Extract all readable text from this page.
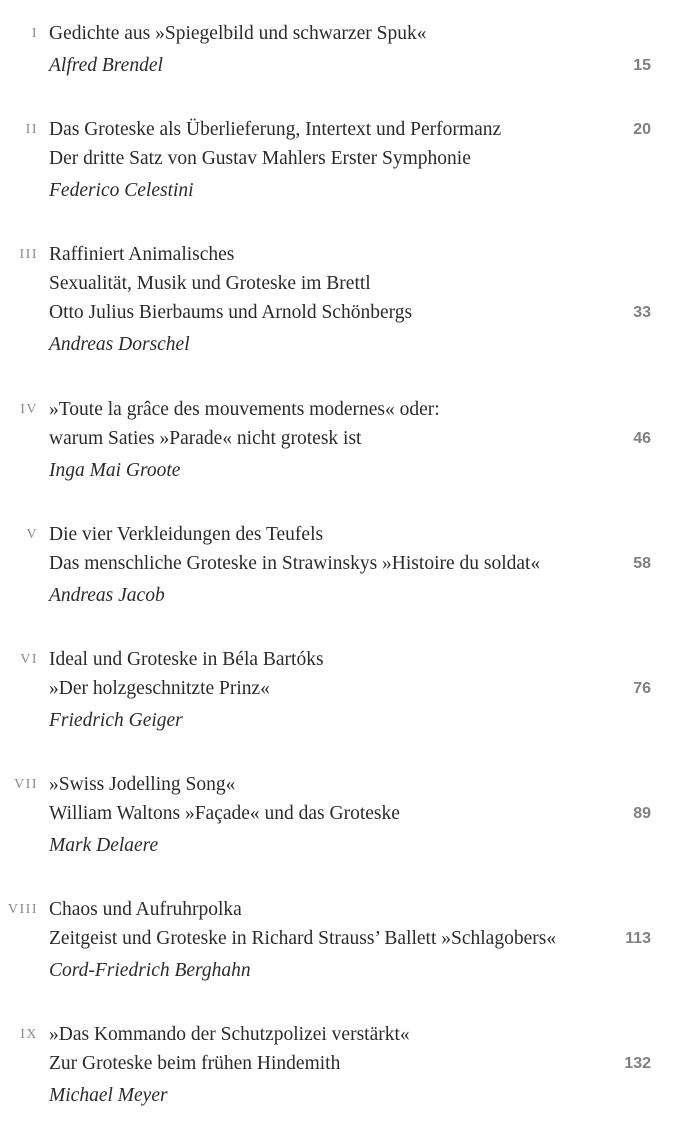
I Gedichte aus »Spiegelbild und schwarzer Spuk«
Alfred Brendel	15
II Das Groteske als Überlieferung, Intertext und Performanz	20
Der dritte Satz von Gustav Mahlers Erster Symphonie
Federico Celestini
III Raffiniert Animalisches
Sexualität, Musik und Groteske im Brettl
Otto Julius Bierbaums und Arnold Schönbergs	33
Andreas Dorschel
IV »Toute la grâce des mouvements modernes« oder:
warum Saties »Parade« nicht grotesk ist	46
Inga Mai Groote
V Die vier Verkleidungen des Teufels
Das menschliche Groteske in Strawinskys »Histoire du soldat«	58
Andreas Jacob
VI Ideal und Groteske in Béla Bartóks
»Der holzgeschnitzte Prinz«	76
Friedrich Geiger
VII »Swiss Jodelling Song«
William Waltons »Façade« und das Groteske	89
Mark Delaere
VIII Chaos und Aufruhrpolka
Zeitgeist und Groteske in Richard Strauss’ Ballett »Schlagobers«	113
Cord-Friedrich Berghahn
IX »Das Kommando der Schutzpolizei verstärkt«
Zur Groteske beim frühen Hindemith	132
Michael Meyer
